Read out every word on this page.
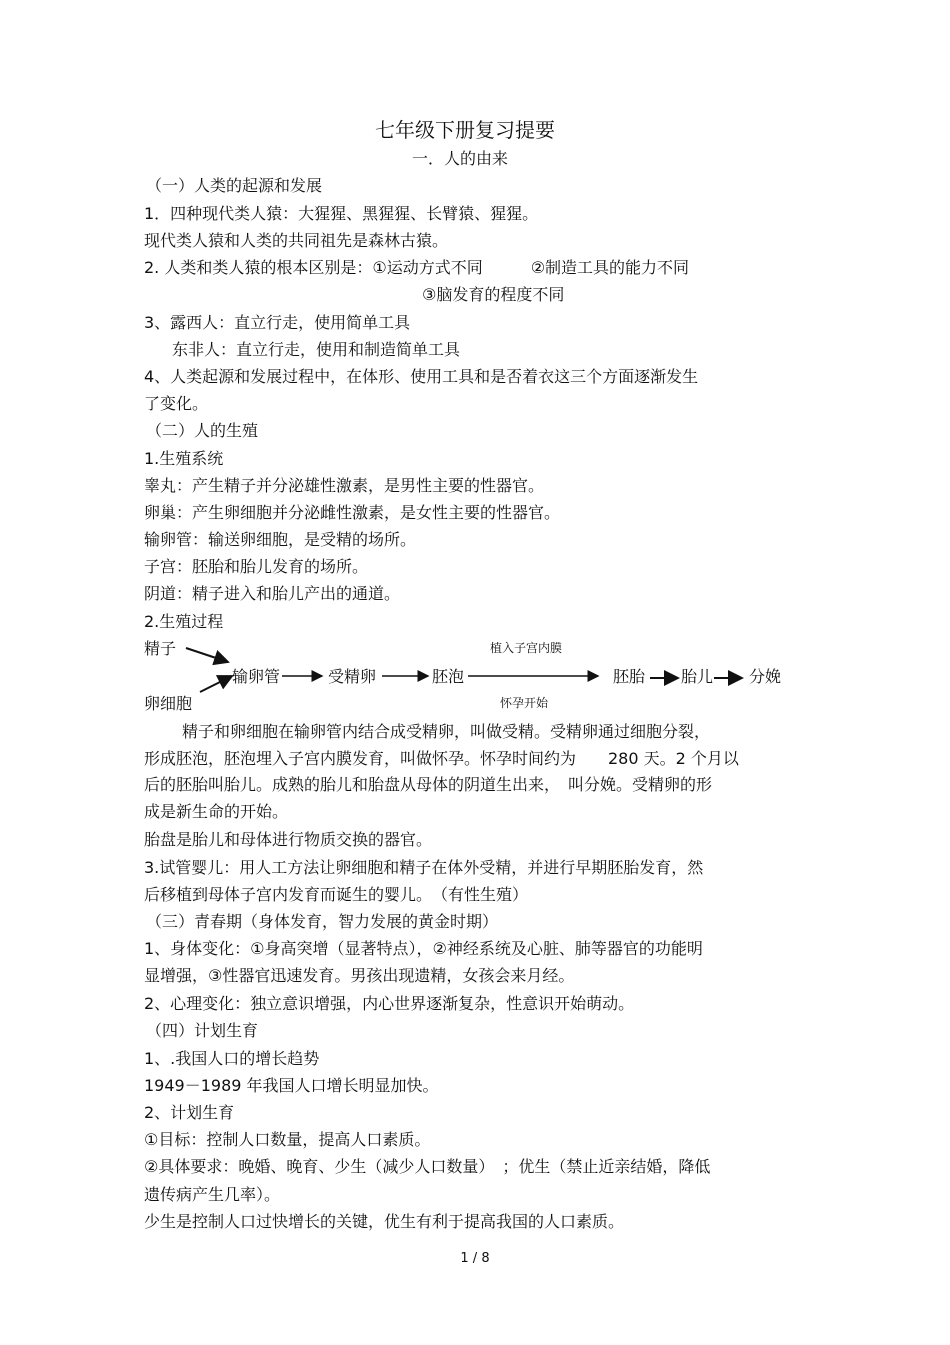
七年级下册复习提要
一．人的由来

（一）人类的起源和发展

1．四种现代类人猿：大猩猩、黑猩猩、长臂猿、猩猩。

现代类人猿和人类的共同祖先是森林古猿。

2. 人类和类人猿的根本区别是：①运动方式不同　　　②制造工具的能力不同

③脑发育的程度不同

3、露西人：直立行走，使用简单工具

东非人：直立行走，使用和制造简单工具

4、人类起源和发展过程中，在体形、使用工具和是否着衣这三个方面逐渐发生

了变化。

（二）人的生殖

1.生殖系统

睾丸：产生精子并分泌雄性激素，是男性主要的性器官。

卵巢：产生卵细胞并分泌雌性激素，是女性主要的性器官。

输卵管：输送卵细胞，是受精的场所。

子宫：胚胎和胎儿发育的场所。

阴道：精子进入和胎儿产出的通道。

2.生殖过程

精子
卵细胞
输卵管	受精卵	胚泡	胚胎 胎儿 分娩
植入子宫内膜
怀孕开始

精子和卵细胞在输卵管内结合成受精卵，叫做受精。受精卵通过细胞分裂，

形成胚泡，胚泡埋入子宫内膜发育，叫做怀孕。怀孕时间约为　　280 天。2 个月以

后的胚胎叫胎儿。成熟的胎儿和胎盘从母体的阴道生出来，　叫分娩。受精卵的形

成是新生命的开始。

胎盘是胎儿和母体进行物质交换的器官。

3.试管婴儿：用人工方法让卵细胞和精子在体外受精，并进行早期胚胎发育，然

后移植到母体子宫内发育而诞生的婴儿。　（有性生殖）

（三）青春期（身体发育，智力发展的黄金时期）

1、身体变化：①身高突增（显著特点），②神经系统及心脏、肺等器官的功能明

显增强，③性器官迅速发育。男孩出现遗精，女孩会来月经。

2、心理变化：独立意识增强，内心世界逐渐复杂，性意识开始萌动。

（四）计划生育

1、.我国人口的增长趋势

1949－1989 年我国人口增长明显加快。

2、计划生育

①目标：控制人口数量，提高人口素质。

②具体要求：晚婚、晚育、少生（减少人口数量）　；优生（禁止近亲结婚，降低

遗传病产生几率）。

少生是控制人口过快增长的关键，优生有利于提高我国的人口素质。

1 / 8
